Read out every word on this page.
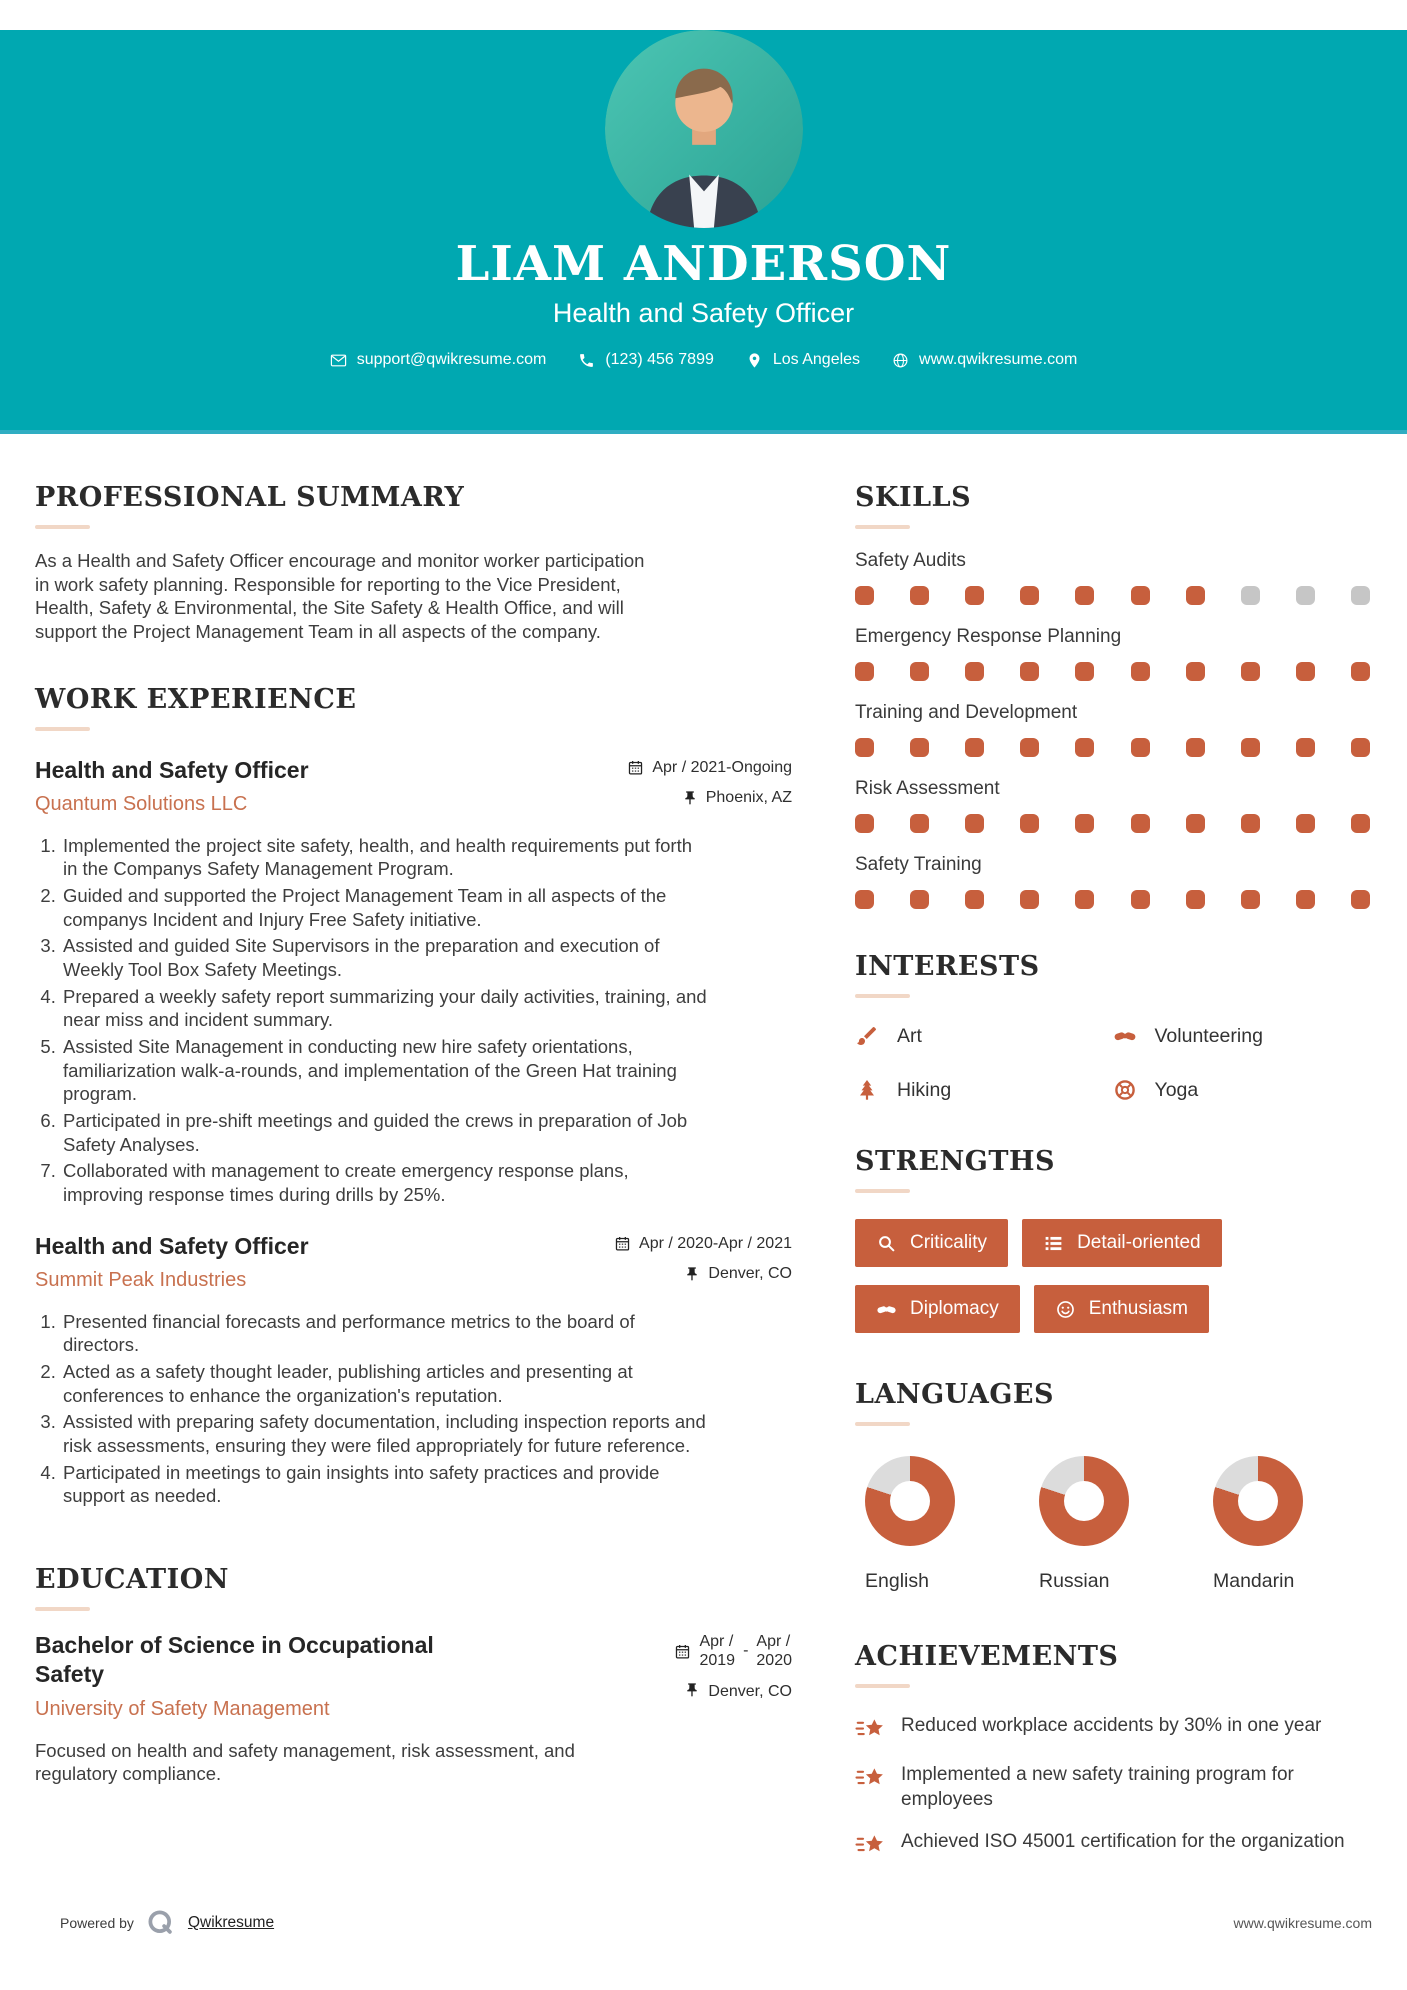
LIAM ANDERSON
Health and Safety Officer
support@qwikresume.com	(123) 456 7899	Los Angeles	www.qwikresume.com
PROFESSIONAL SUMMARY

As a Health and Safety Officer encourage and monitor worker participation in work safety planning. Responsible for reporting to the Vice President, Health, Safety & Environmental, the Site Safety & Health Office, and will support the Project Management Team in all aspects of the company.

WORK EXPERIENCE
Health and Safety Officer
Quantum Solutions LLC
Apr / 2021-Ongoing
Phoenix, AZ
1. Implemented the project site safety, health, and health requirements put forth in the Companys Safety Management Program.
2. Guided and supported the Project Management Team in all aspects of the companys Incident and Injury Free Safety initiative.
3. Assisted and guided Site Supervisors in the preparation and execution of Weekly Tool Box Safety Meetings.
4. Prepared a weekly safety report summarizing your daily activities, training, and near miss and incident summary.
5. Assisted Site Management in conducting new hire safety orientations, familiarization walk-a-rounds, and implementation of the Green Hat training program.
6. Participated in pre-shift meetings and guided the crews in preparation of Job Safety Analyses.
7. Collaborated with management to create emergency response plans, improving response times during drills by 25%.
Health and Safety Officer
Summit Peak Industries
Apr / 2020-Apr / 2021
Denver, CO
1. Presented financial forecasts and performance metrics to the board of directors.
2. Acted as a safety thought leader, publishing articles and presenting at conferences to enhance the organization's reputation.
3. Assisted with preparing safety documentation, including inspection reports and risk assessments, ensuring they were filed appropriately for future reference.
4. Participated in meetings to gain insights into safety practices and provide support as needed.
EDUCATION
Bachelor of Science in Occupational Safety
University of Safety Management
Apr /
2019
-
Apr /
2020
Denver, CO

Focused on health and safety management, risk assessment, and regulatory compliance.

SKILLS
Safety Audits
Emergency Response Planning
Training and Development
Risk Assessment
Safety Training
INTERESTS
Art	Volunteering
Hiking	Yoga
STRENGTHS
Criticality	Detail-oriented
Diplomacy	Enthusiasm
LANGUAGES
English	Russian	Mandarin
ACHIEVEMENTS
Reduced workplace accidents by 30% in one year
Implemented a new safety training program for employees
Achieved ISO 45001 certification for the organization
Powered by	Qwikresume	www.qwikresume.com
